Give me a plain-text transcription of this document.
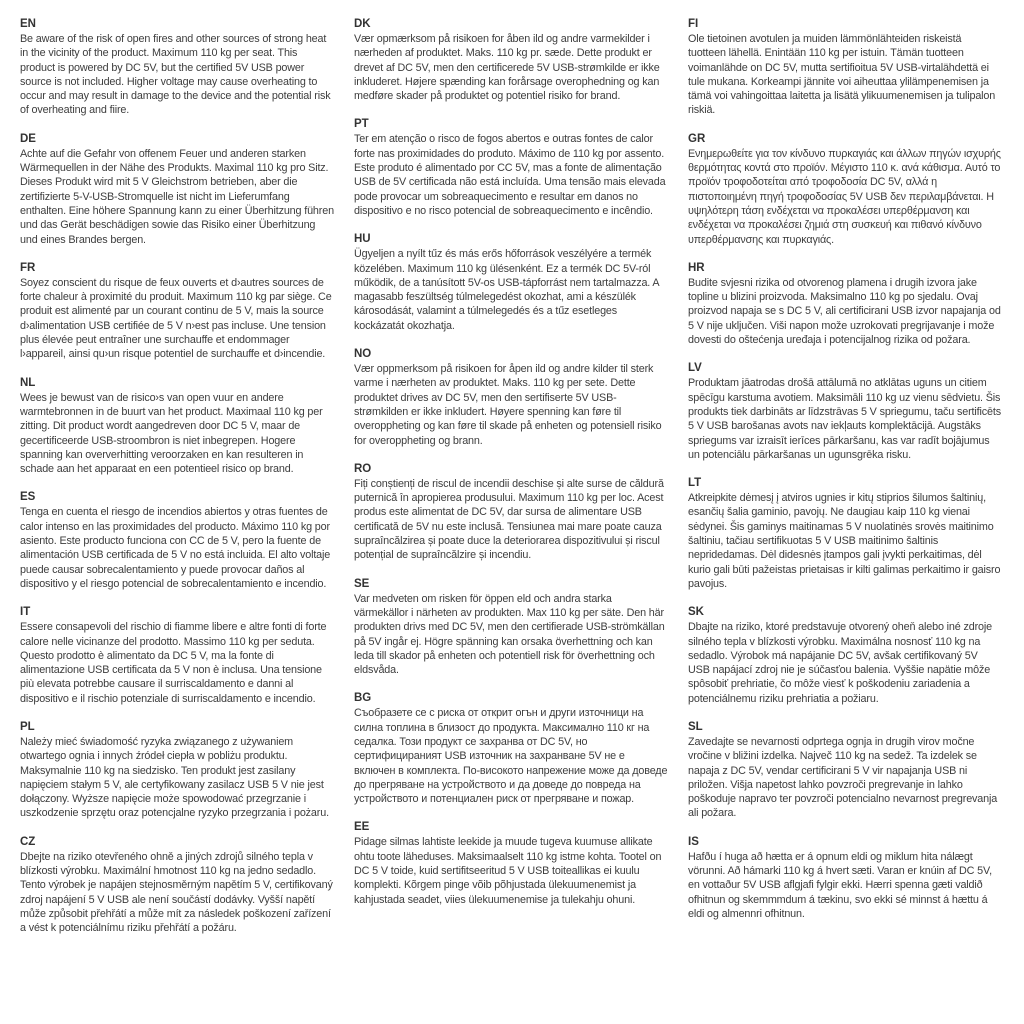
EN

Be aware of the risk of open fires and other sources of strong heat in the vicinity of the product. Maximum 110 kg per seat. This product is powered by DC 5V, but the certified 5V USB power source is not included. Higher voltage may cause overheating to occur and may result in damage to the device and the potential risk of overheating and fiire.

DE

Achte auf die Gefahr von offenem Feuer und anderen starken Wärmequellen in der Nähe des Produkts. Maximal 110 kg pro Sitz. Dieses Produkt wird mit 5 V Gleichstrom betrieben, aber die zertifizierte 5-V-USB-Stromquelle ist nicht im Lieferumfang enthalten. Eine höhere Spannung kann zu einer Überhitzung führen und das Gerät beschädigen sowie das Risiko einer Überhitzung und eines Brandes bergen.

FR

Soyez conscient du risque de feux ouverts et d›autres sources de forte chaleur à proximité du produit. Maximum 110 kg par siège. Ce produit est alimenté par un courant continu de 5 V, mais la source d›alimentation USB certifiée de 5 V n›est pas incluse. Une tension plus élevée peut entraîner une surchauffe et endommager l›appareil, ainsi qu›un risque potentiel de surchauffe et d›incendie.

NL

Wees je bewust van de risico›s van open vuur en andere warmtebronnen in de buurt van het product. Maximaal 110 kg per zitting. Dit product wordt aangedreven door DC 5 V, maar de gecertificeerde USB-stroombron is niet inbegrepen. Hogere spanning kan oververhitting veroorzaken en kan resulteren in schade aan het apparaat en een potentieel risico op brand.

ES

Tenga en cuenta el riesgo de incendios abiertos y otras fuentes de calor intenso en las proximidades del producto. Máximo 110 kg por asiento. Este producto funciona con CC de 5 V, pero la fuente de alimentación USB certificada de 5 V no está incluida. El alto voltaje puede causar sobrecalentamiento y puede provocar daños al dispositivo y el riesgo potencial de sobrecalentamiento e incendio.

IT

Essere consapevoli del rischio di fiamme libere e altre fonti di forte calore nelle vicinanze del prodotto. Massimo 110 kg per seduta. Questo prodotto è alimentato da DC 5 V, ma la fonte di alimentazione USB certificata da 5 V non è inclusa. Una tensione più elevata potrebbe causare il surriscaldamento e danni al dispositivo e il rischio potenziale di surriscaldamento e incendio.

PL

Należy mieć świadomość ryzyka związanego z używaniem otwartego ognia i innych źródeł ciepła w pobliżu produktu. Maksymalnie 110 kg na siedzisko. Ten produkt jest zasilany napięciem stałym 5 V, ale certyfikowany zasilacz USB 5 V nie jest dołączony. Wyższe napięcie może spowodować przegrzanie i uszkodzenie sprzętu oraz potencjalne ryzyko przegrzania i pożaru.

CZ

Dbejte na riziko otevřeného ohně a jiných zdrojů silného tepla v blízkosti výrobku. Maximální hmotnost 110 kg na jedno sedadlo. Tento výrobek je napájen stejnosměrným napětím 5 V, certifikovaný zdroj napájení 5 V USB ale není součástí dodávky. Vyšší napětí může způsobit přehřátí a může mít za následek poškození zařízení a vést k potenciálnímu riziku přehřátí a požáru.

DK

Vær opmærksom på risikoen for åben ild og andre varmekilder i nærheden af produktet. Maks. 110 kg pr. sæde. Dette produkt er drevet af DC 5V, men den certificerede 5V USB-strømkilde er ikke inkluderet. Højere spænding kan forårsage overophedning og kan medføre skader på produktet og potentiel risiko for brand.

PT

Ter em atenção o risco de fogos abertos e outras fontes de calor forte nas proximidades do produto. Máximo de 110 kg por assento. Este produto é alimentado por CC 5V, mas a fonte de alimentação USB de 5V certificada não está incluída. Uma tensão mais elevada pode provocar um sobreaquecimento e resultar em danos no dispositivo e no risco potencial de sobreaquecimento e incêndio.

HU

Ügyeljen a nyílt tűz és más erős hőforrások veszélyére a termék közelében. Maximum 110 kg ülésenként. Ez a termék DC 5V-ról működik, de a tanúsított 5V-os USB-tápforrást nem tartalmazza. A magasabb feszültség túlmelegedést okozhat, ami a készülék károsodását, valamint a túlmelegedés és a tűz esetleges kockázatát okozhatja.

NO

Vær oppmerksom på risikoen for åpen ild og andre kilder til sterk varme i nærheten av produktet. Maks. 110 kg per sete. Dette produktet drives av DC 5V, men den sertifiserte 5V USB-strømkilden er ikke inkludert. Høyere spenning kan føre til overoppheting og kan føre til skade på enheten og potensiell risiko for overoppheting og brann.

RO

Fiți conștienți de riscul de incendii deschise și alte surse de căldură puternică în apropierea produsului. Maximum 110 kg per loc. Acest produs este alimentat de DC 5V, dar sursa de alimentare USB certificată de 5V nu este inclusă. Tensiunea mai mare poate cauza supraîncălzirea și poate duce la deteriorarea dispozitivului și riscul potențial de supraîncălzire și incendiu.

SE

Var medveten om risken för öppen eld och andra starka värmekällor i närheten av produkten. Max 110 kg per säte. Den här produkten drivs med DC 5V, men den certifierade USB-strömkällan på 5V ingår ej. Högre spänning kan orsaka överhettning och kan leda till skador på enheten och potentiell risk för överhettning och eldsvåda.

BG

Съобразете се с риска от открит огън и други източници на силна топлина в близост до продукта. Максимално 110 кг на седалка. Този продукт се захранва от DC 5V, но сертифицираният USB източник на захранване 5V не е включен в комплекта. По-високото напрежение може да доведе до прегряване на устройството и да доведе до повреда на устройството и потенциален риск от прегряване и пожар.

EE

Pidage silmas lahtiste leekide ja muude tugeva kuumuse allikate ohtu toote läheduses. Maksimaalselt 110 kg istme kohta. Tootel on DC 5 V toide, kuid sertifitseeritud 5 V USB toiteallikas ei kuulu komplekti. Kõrgem pinge võib põhjustada ülekuumenemist ja kahjustada seadet, viies ülekuumenemise ja tulekahju ohuni.

FI

Ole tietoinen avotulen ja muiden lämmönlähteiden riskeistä tuotteen lähellä. Enintään 110 kg per istuin. Tämän tuotteen voimanlähde on DC 5V, mutta sertifioitua 5V USB-virtalähdettä ei tule mukana. Korkeampi jännite voi aiheuttaa ylilämpenemisen ja tämä voi vahingoittaa laitetta ja lisätä ylikuumenemisen ja tulipalon riskiä.

GR

Ενημερωθείτε για τον κίνδυνο πυρκαγιάς και άλλων πηγών ισχυρής θερμότητας κοντά στο προϊόν. Μέγιστο 110 κ. ανά κάθισμα. Αυτό το προϊόν τροφοδοτείται από τροφοδοσία DC 5V, αλλά η πιστοποιημένη πηγή τροφοδοσίας 5V USB δεν περιλαμβάνεται. Η υψηλότερη τάση ενδέχεται να προκαλέσει υπερθέρμανση και ενδέχεται να προκαλέσει ζημιά στη συσκευή και πιθανό κίνδυνο υπερθέρμανσης και πυρκαγιάς.

HR

Budite svjesni rizika od otvorenog plamena i drugih izvora jake topline u blizini proizvoda. Maksimalno 110 kg po sjedalu. Ovaj proizvod napaja se s DC 5 V, ali certificirani USB izvor napajanja od 5 V nije uključen. Viši napon može uzrokovati pregrijavanje i može dovesti do oštećenja uređaja i potencijalnog rizika od požara.

LV

Produktam jāatrodas drošā attālumā no atklātas uguns un citiem spēcīgu karstuma avotiem. Maksimāli 110 kg uz vienu sēdvietu. Šis produkts tiek darbināts ar līdzstrāvas 5 V spriegumu, taču sertificēts 5 V USB barošanas avots nav iekļauts komplektācijā. Augstāks spriegums var izraisīt ierīces pārkaršanu, kas var radīt bojājumus un potenciālu pārkaršanas un ugunsgrēka risku.

LT

Atkreipkite dėmesį į atviros ugnies ir kitų stiprios šilumos šaltinių, esančių šalia gaminio, pavojų. Ne daugiau kaip 110 kg vienai sėdynei. Šis gaminys maitinamas 5 V nuolatinės srovės maitinimo šaltiniu, tačiau sertifikuotas 5 V USB maitinimo šaltinis nepridedamas. Dėl didesnės įtampos gali įvykti perkaitimas, dėl kurio gali būti pažeistas prietaisas ir kilti galimas perkaitimo ir gaisro pavojus.

SK

Dbajte na riziko, ktoré predstavuje otvorený oheň alebo iné zdroje silného tepla v blízkosti výrobku. Maximálna nosnosť 110 kg na sedadlo. Výrobok má napájanie DC 5V, avšak certifikovaný 5V USB napájací zdroj nie je súčasťou balenia. Vyššie napätie môže spôsobiť prehriatie, čo môže viesť k poškodeniu zariadenia a potenciálnemu riziku prehriatia a požiaru.

SL

Zavedajte se nevarnosti odprtega ognja in drugih virov močne vročine v bližini izdelka. Največ 110 kg na sedež. Ta izdelek se napaja z DC 5V, vendar certificirani 5 V vir napajanja USB ni priložen. Višja napetost lahko povzroči pregrevanje in lahko poškoduje napravo ter povzroči potencialno nevarnost pregrevanja ali požara.

IS

Hafðu í huga að hætta er á opnum eldi og miklum hita nálægt vörunni. Að hámarki 110 kg á hvert sæti. Varan er knúin af DC 5V, en vottaður 5V USB aflgjafi fylgir ekki. Hærri spenna gæti valdið ofhitnun og skemmmdum á tækinu, svo ekki sé minnst á hættu á eldi og almennri ofhitnun.
